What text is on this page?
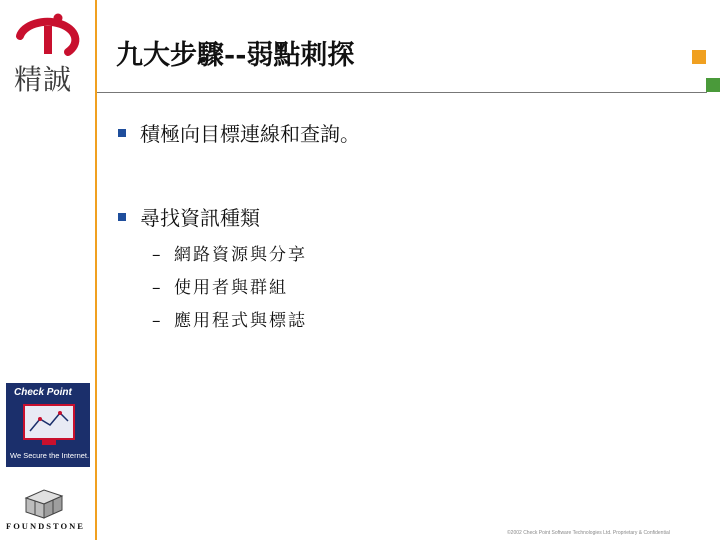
精誠
九大步驟--弱點刺探
積極向目標連線和查詢。
尋找資訊種類
– 網路資源與分享
– 使用者與群組
– 應用程式與標誌
Check Point
We Secure the Internet.
FOUNDSTONE
©2002 Check Point Software Technologies Ltd. Proprietary & Confidential
